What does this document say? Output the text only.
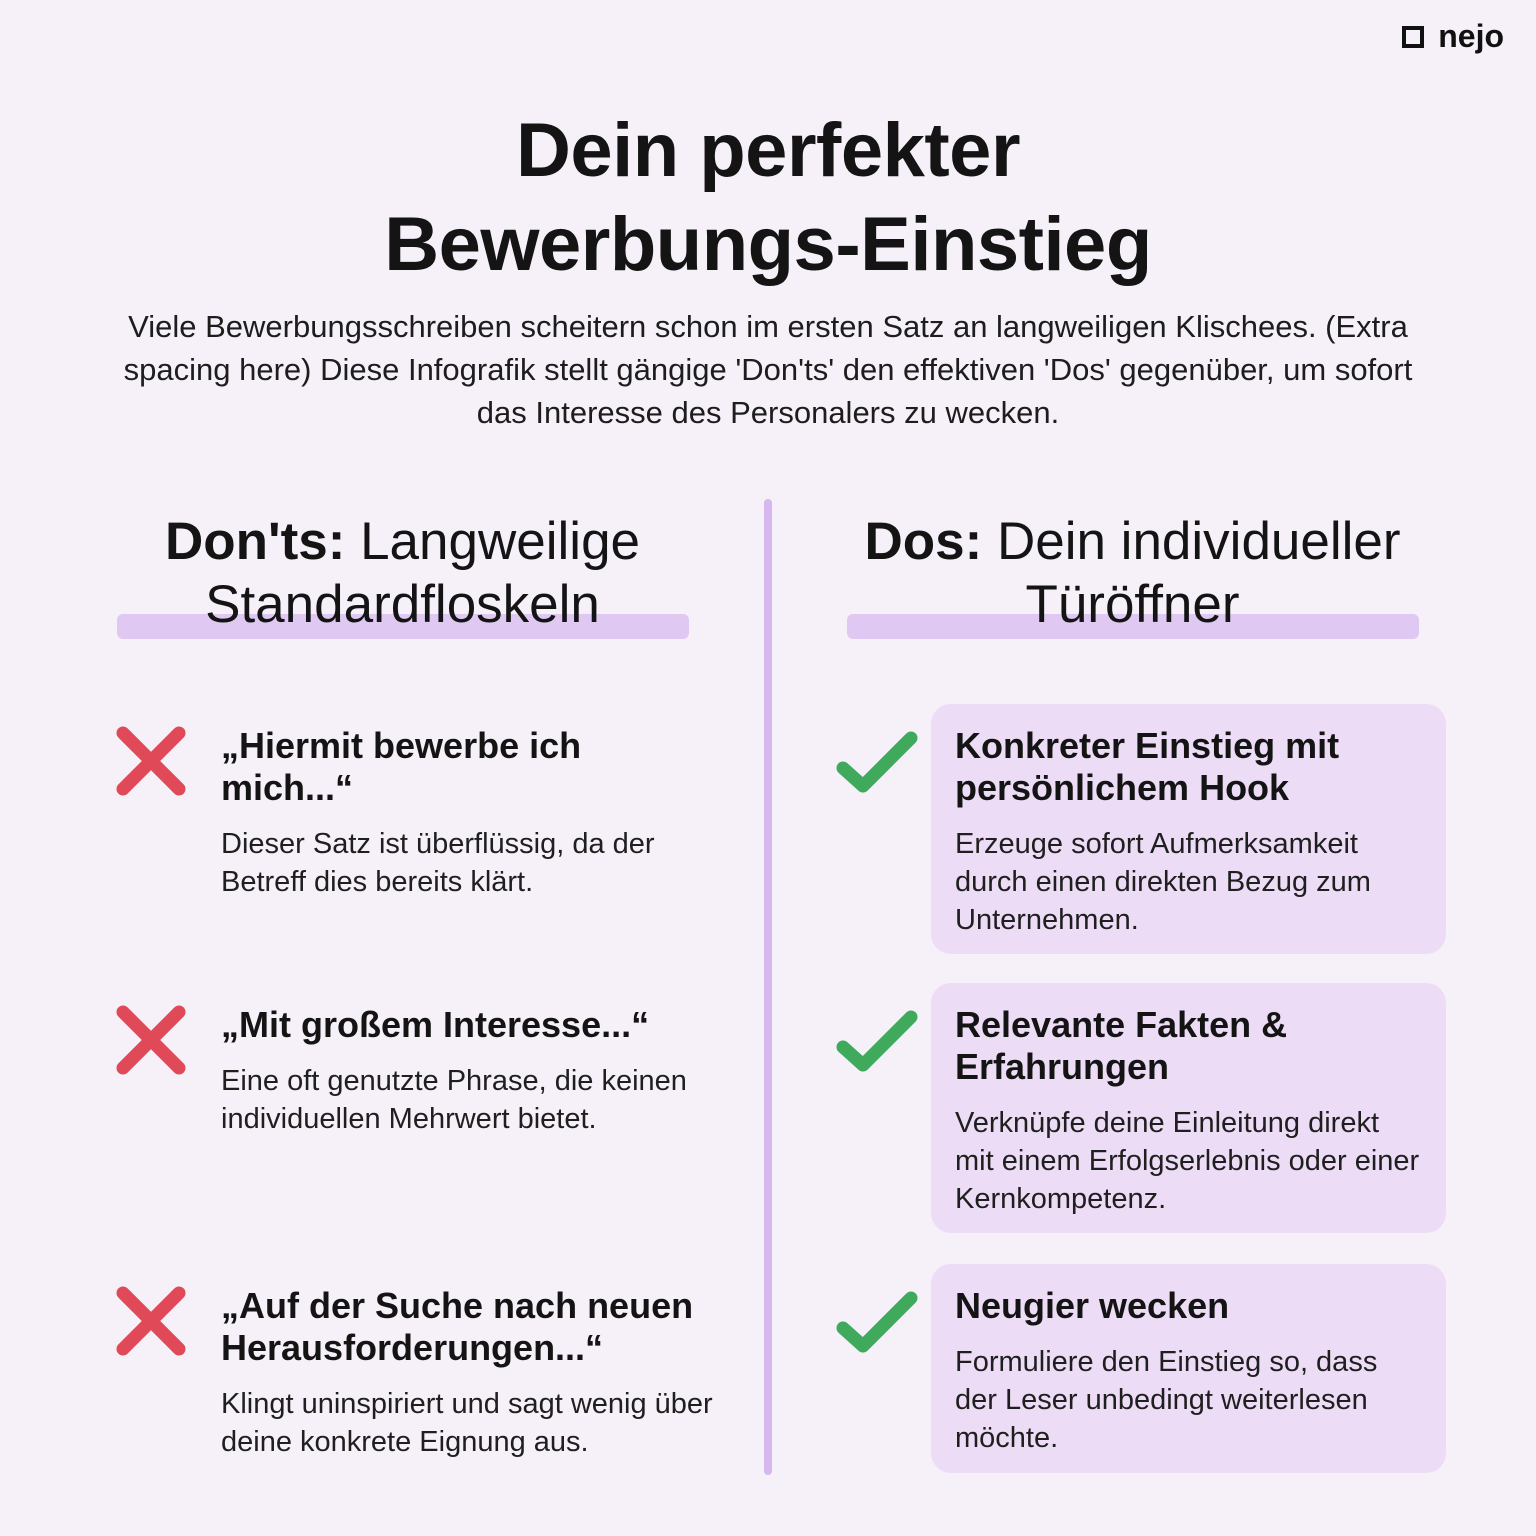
nejo
Dein perfekter
Bewerbungs-Einstieg
Viele Bewerbungsschreiben scheitern schon im ersten Satz an langweiligen Klischees. (Extra spacing here) Diese Infografik stellt gängige 'Don'ts' den effektiven 'Dos' gegenüber, um sofort das Interesse des Personalers zu wecken.
Don'ts: Langweilige
Standardfloskeln
Dos: Dein individueller
Türöffner
„Hiermit bewerbe ich mich...“
Dieser Satz ist überflüssig, da der Betreff dies bereits klärt.
„Mit großem Interesse...“
Eine oft genutzte Phrase, die keinen individuellen Mehrwert bietet.
„Auf der Suche nach neuen Herausforderungen...“
Klingt uninspiriert und sagt wenig über deine konkrete Eignung aus.
Konkreter Einstieg mit persönlichem Hook
Erzeuge sofort Aufmerksamkeit durch einen direkten Bezug zum Unternehmen.
Relevante Fakten & Erfahrungen
Verknüpfe deine Einleitung direkt mit einem Erfolgserlebnis oder einer Kernkompetenz.
Neugier wecken
Formuliere den Einstieg so, dass der Leser unbedingt weiterlesen möchte.
